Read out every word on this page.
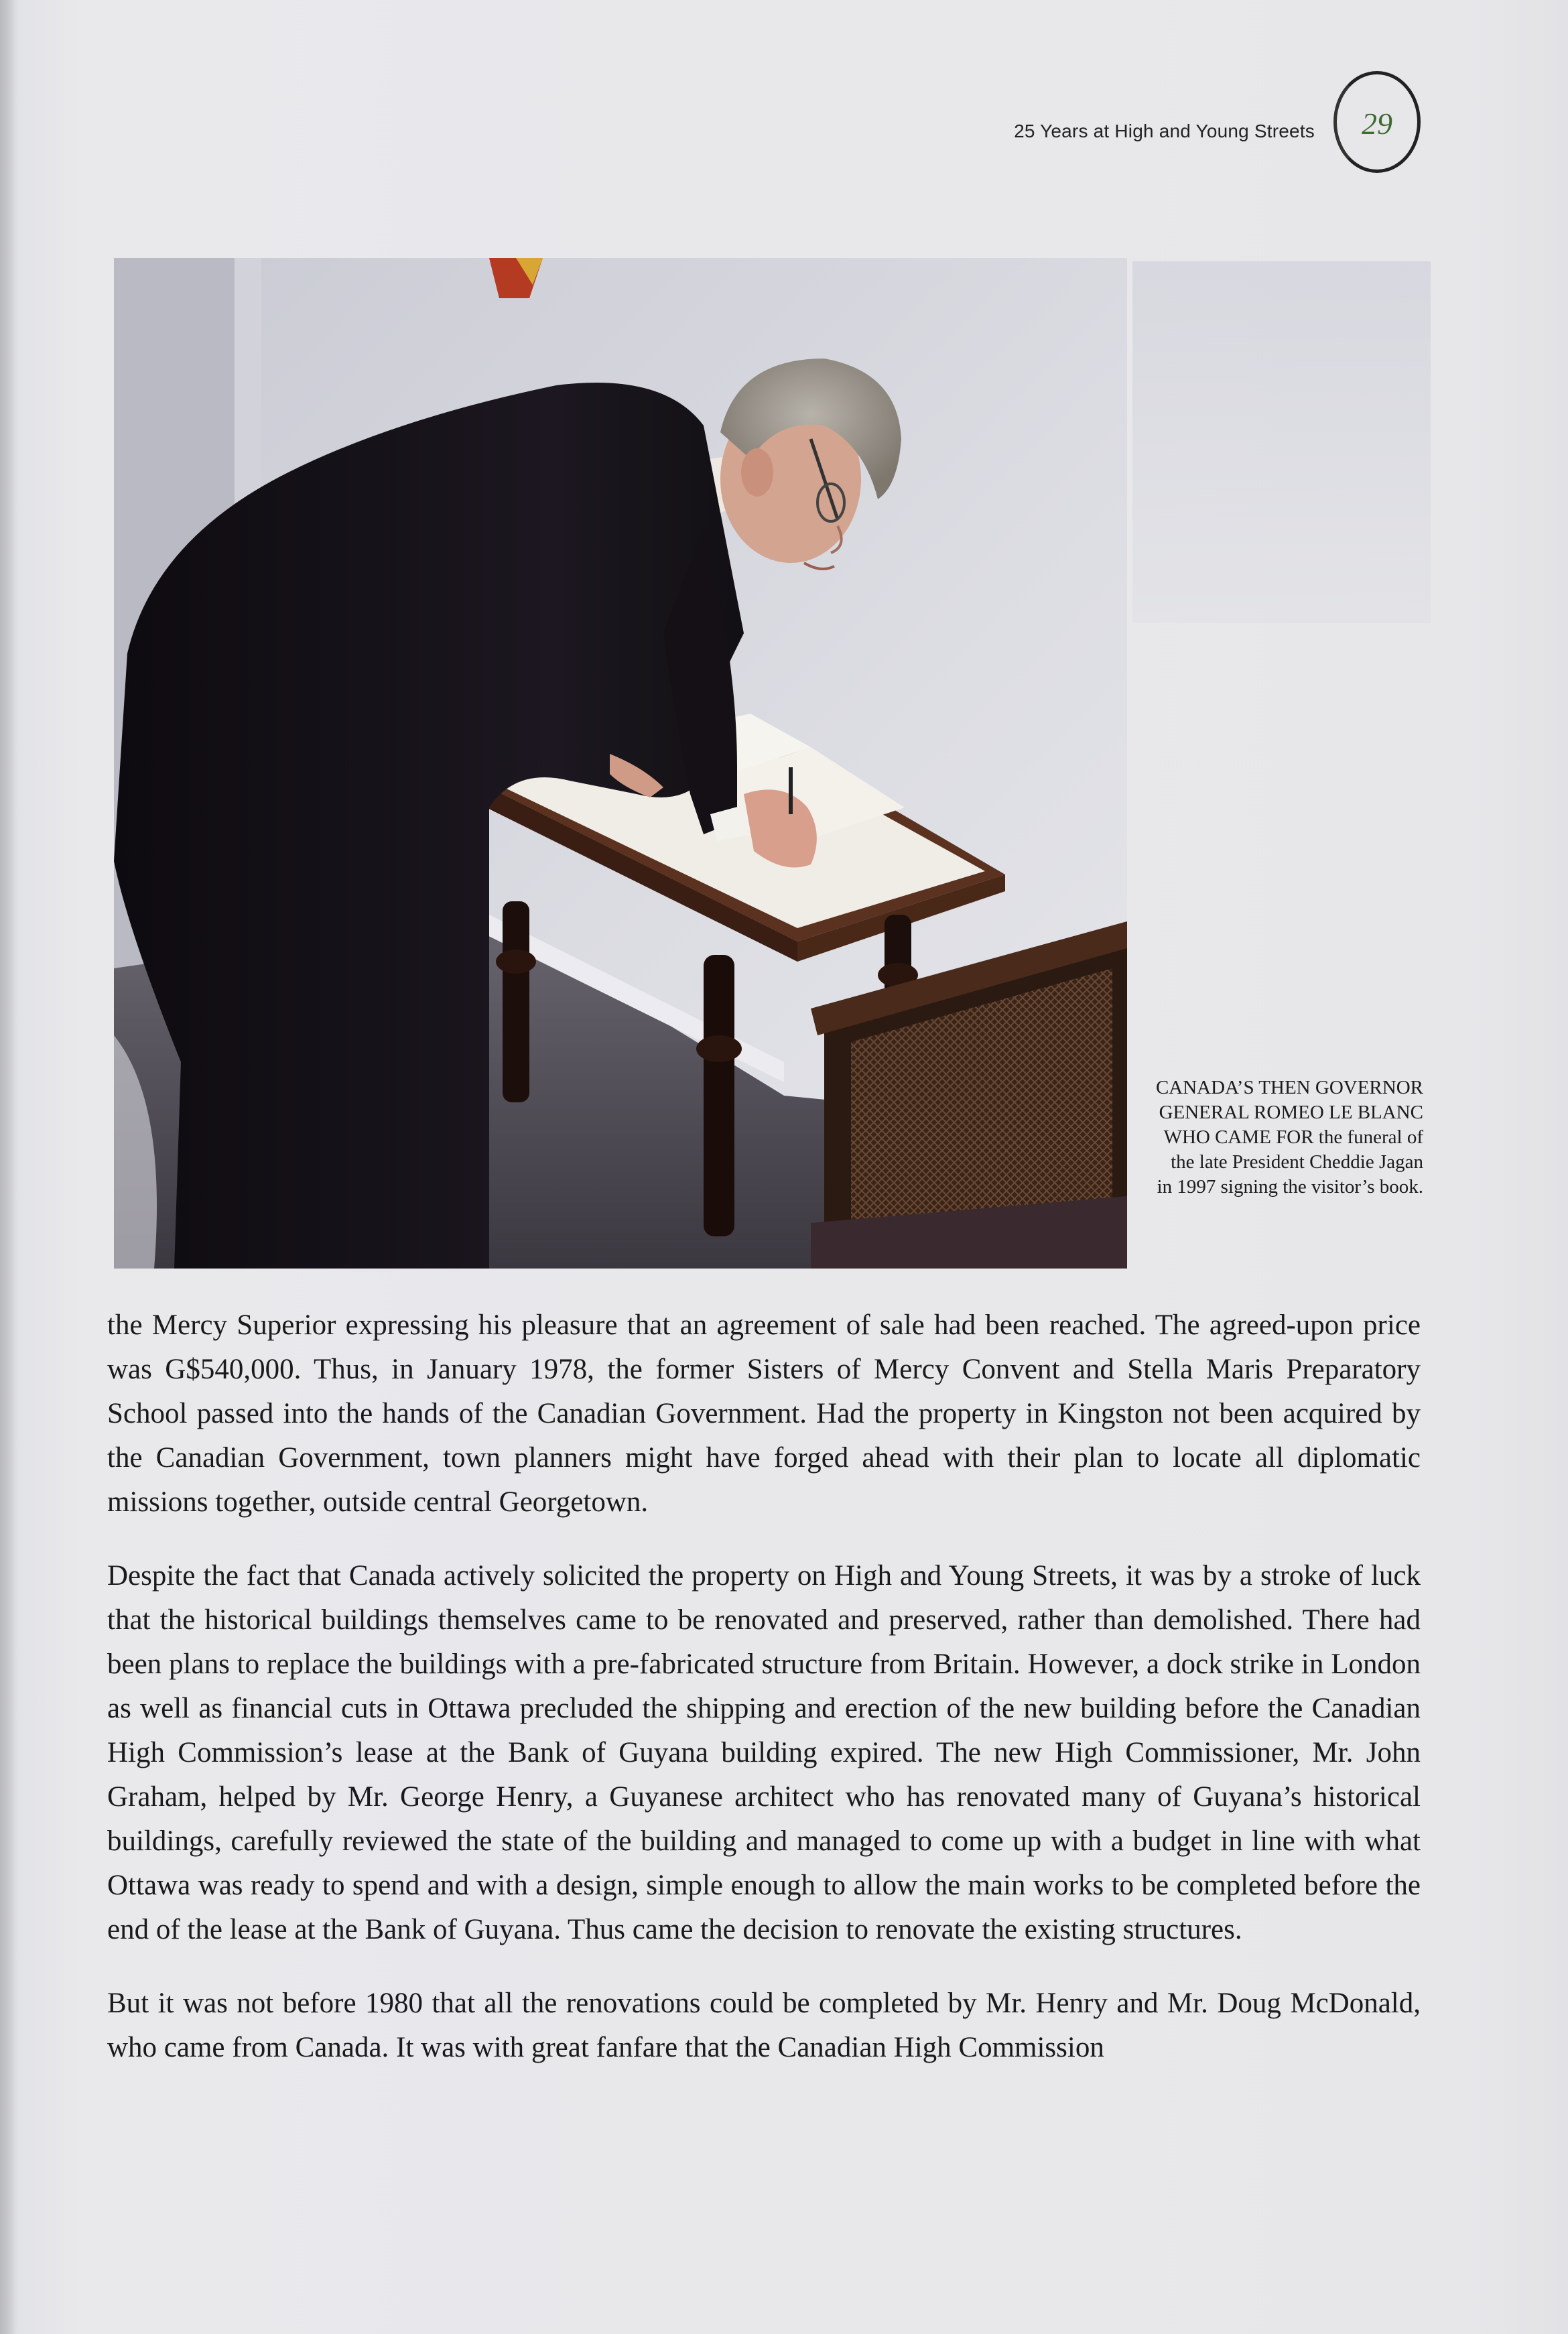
25 Years at High and Young Streets	29
CANADA’S THEN GOVERNOR GENERAL ROMEO LE BLANC WHO CAME FOR the funeral of the late President Cheddie Jagan in 1997 signing the visitor’s book.

the Mercy Superior expressing his pleasure that an agreement of sale had been reached. The agreed-upon price was G$540,000. Thus, in January 1978, the former Sisters of Mercy Convent and Stella Maris Preparatory School passed into the hands of the Canadian Government. Had the property in Kingston not been acquired by the Canadian Government, town planners might have forged ahead with their plan to locate all diplomatic missions together, outside central Georgetown.

Despite the fact that Canada actively solicited the property on High and Young Streets, it was by a stroke of luck that the historical buildings themselves came to be renovated and preserved, rather than demolished. There had been plans to replace the buildings with a pre-fabricated structure from Britain. However, a dock strike in London as well as financial cuts in Ottawa precluded the shipping and erection of the new building before the Canadian High Commission’s lease at the Bank of Guyana building expired. The new High Commissioner, Mr. John Graham, helped by Mr. George Henry, a Guyanese architect who has renovated many of Guyana’s historical buildings, carefully reviewed the state of the building and managed to come up with a budget in line with what Ottawa was ready to spend and with a design, simple enough to allow the main works to be completed before the end of the lease at the Bank of Guyana. Thus came the decision to renovate the existing structures.

But it was not before 1980 that all the renovations could be completed by Mr. Henry and Mr. Doug McDonald, who came from Canada. It was with great fanfare that the Canadian High Commission
